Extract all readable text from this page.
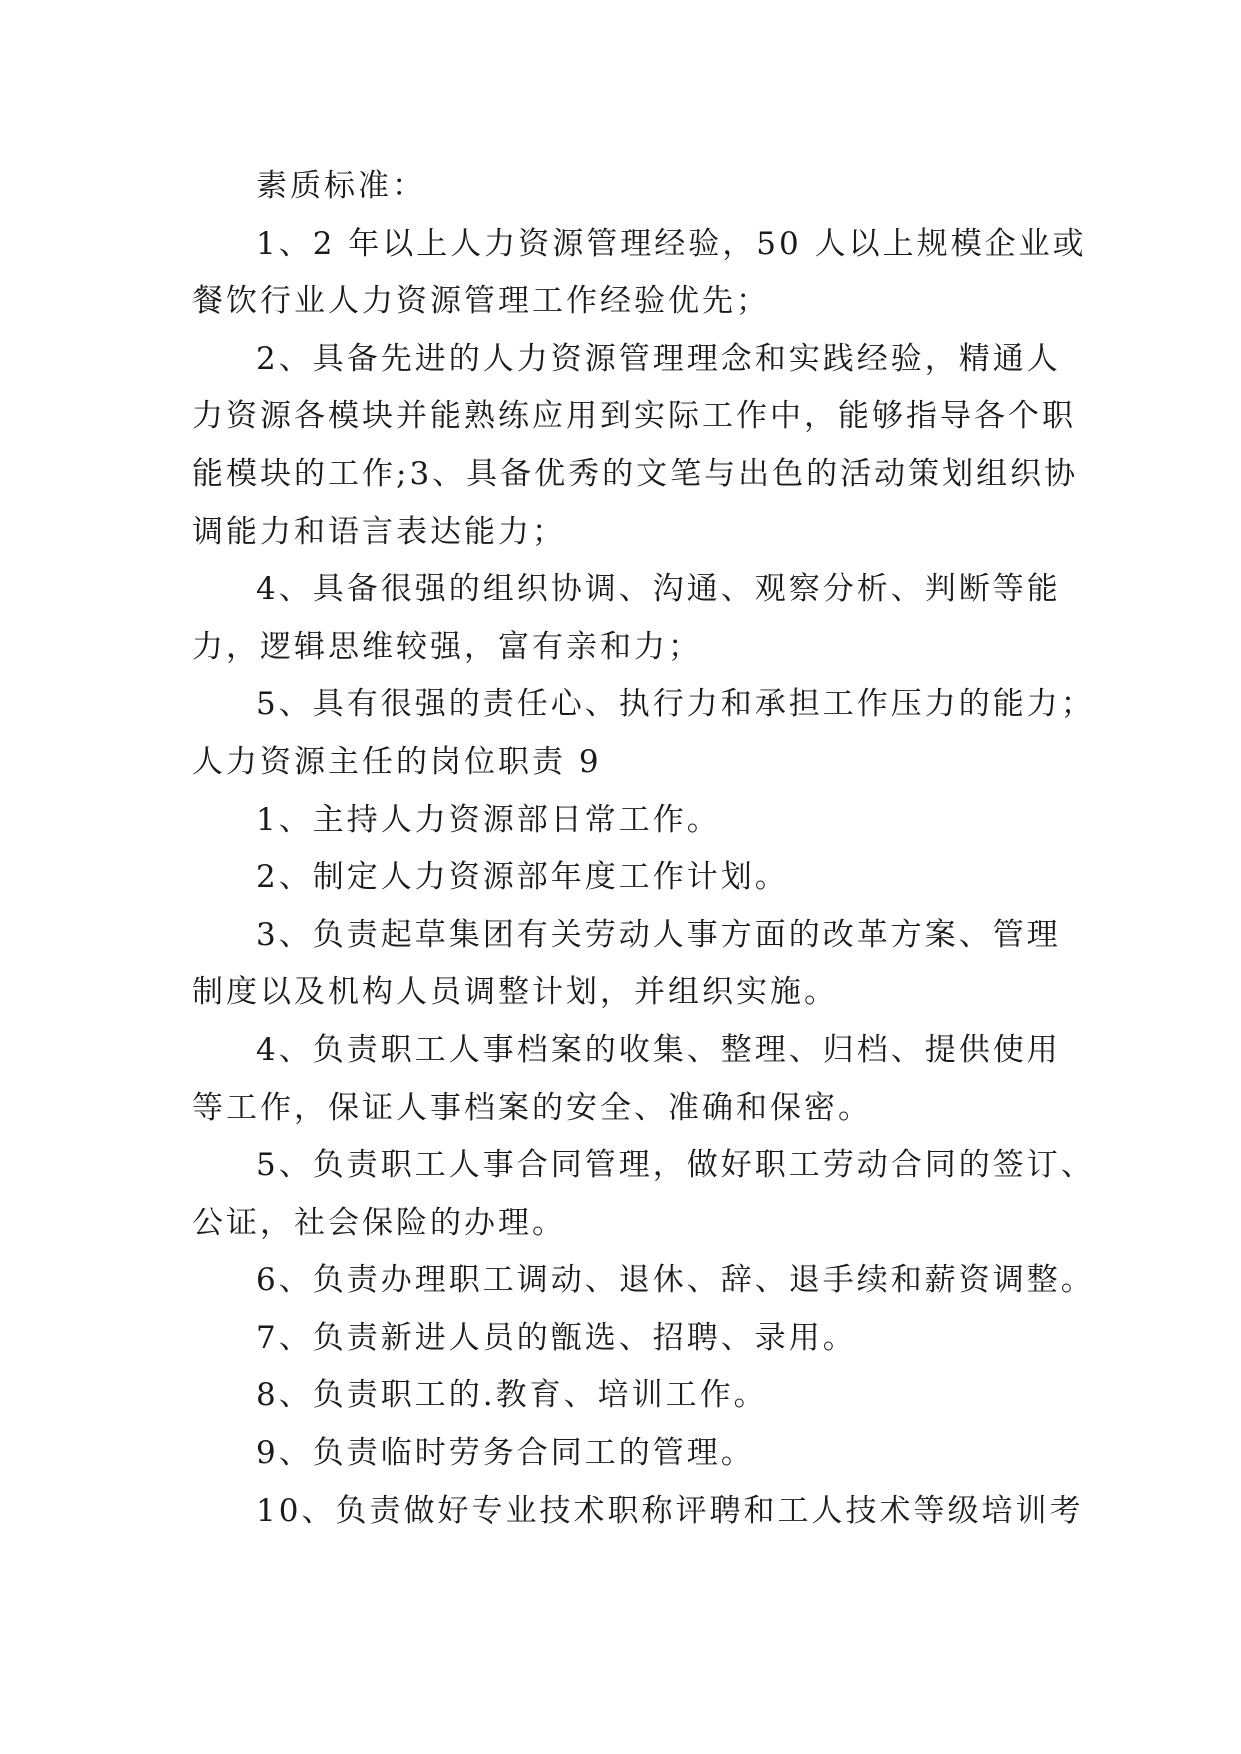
素质标准：

1、2 年以上人力资源管理经验，50 人以上规模企业或

餐饮行业人力资源管理工作经验优先；

2、具备先进的人力资源管理理念和实践经验，精通人

力资源各模块并能熟练应用到实际工作中，能够指导各个职

能模块的工作;3、具备优秀的文笔与出色的活动策划组织协

调能力和语言表达能力；

4、具备很强的组织协调、沟通、观察分析、判断等能

力，逻辑思维较强，富有亲和力；

5、具有很强的责任心、执行力和承担工作压力的能力；

人力资源主任的岗位职责 9

1、主持人力资源部日常工作。

2、制定人力资源部年度工作计划。

3、负责起草集团有关劳动人事方面的改革方案、管理

制度以及机构人员调整计划，并组织实施。

4、负责职工人事档案的收集、整理、归档、提供使用

等工作，保证人事档案的安全、准确和保密。

5、负责职工人事合同管理，做好职工劳动合同的签订、

公证，社会保险的办理。

6、负责办理职工调动、退休、辞、退手续和薪资调整。

7、负责新进人员的甑选、招聘、录用。

8、负责职工的.教育、培训工作。

9、负责临时劳务合同工的管理。

10、负责做好专业技术职称评聘和工人技术等级培训考
